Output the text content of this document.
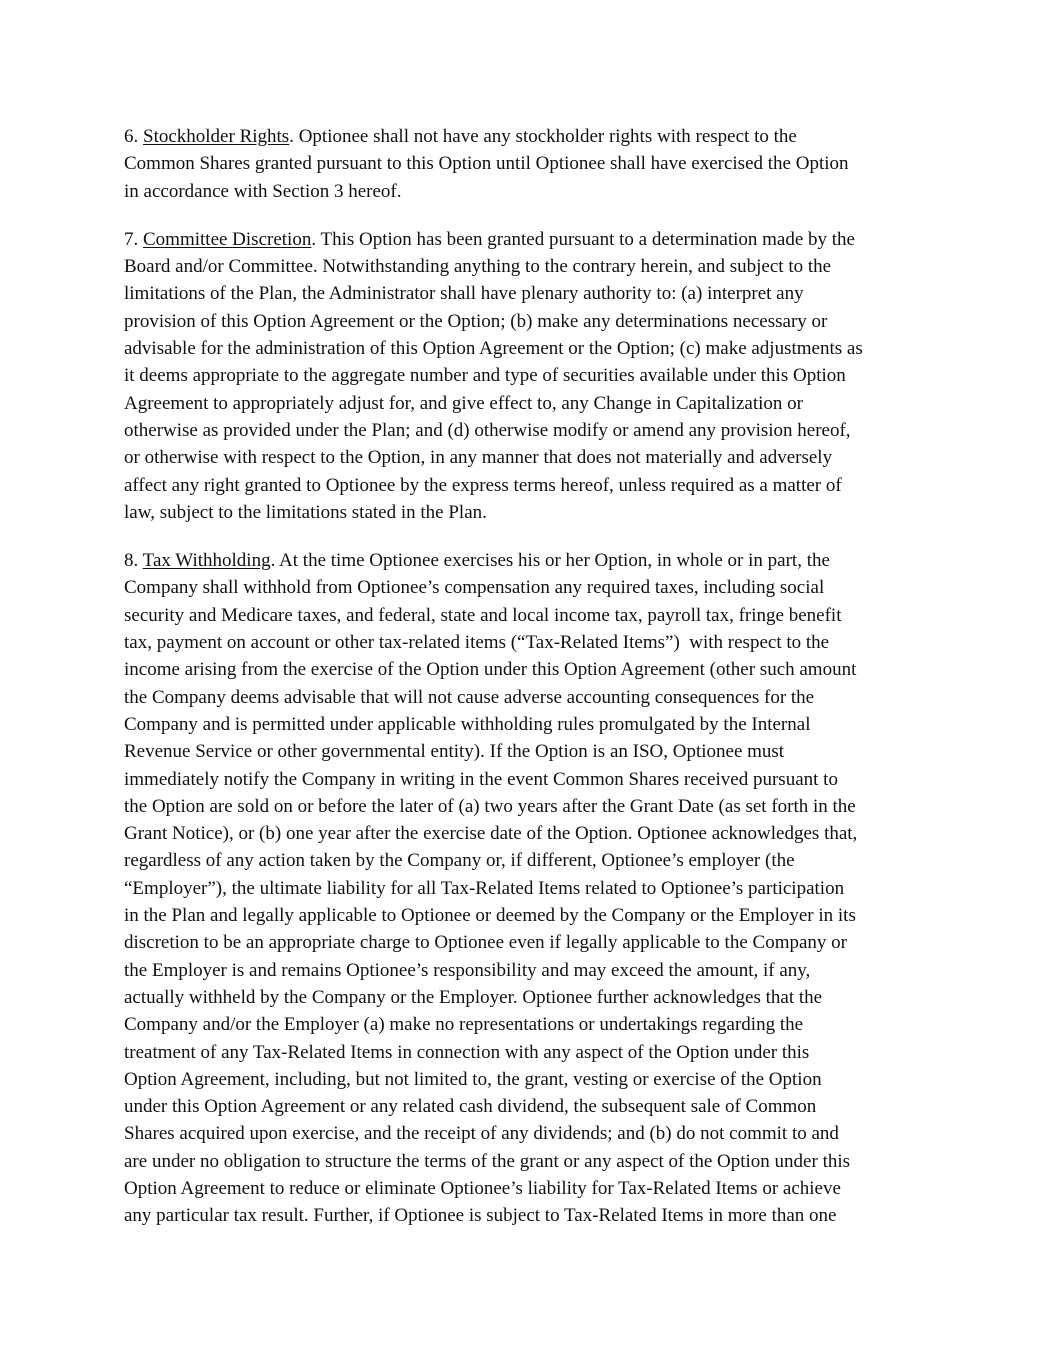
6. Stockholder Rights. Optionee shall not have any stockholder rights with respect to the
Common Shares granted pursuant to this Option until Optionee shall have exercised the Option
in accordance with Section 3 hereof.
7. Committee Discretion. This Option has been granted pursuant to a determination made by the
Board and/or Committee. Notwithstanding anything to the contrary herein, and subject to the
limitations of the Plan, the Administrator shall have plenary authority to: (a) interpret any
provision of this Option Agreement or the Option; (b) make any determinations necessary or
advisable for the administration of this Option Agreement or the Option; (c) make adjustments as
it deems appropriate to the aggregate number and type of securities available under this Option
Agreement to appropriately adjust for, and give effect to, any Change in Capitalization or
otherwise as provided under the Plan; and (d) otherwise modify or amend any provision hereof,
or otherwise with respect to the Option, in any manner that does not materially and adversely
affect any right granted to Optionee by the express terms hereof, unless required as a matter of
law, subject to the limitations stated in the Plan.
8. Tax Withholding. At the time Optionee exercises his or her Option, in whole or in part, the
Company shall withhold from Optionee’s compensation any required taxes, including social
security and Medicare taxes, and federal, state and local income tax, payroll tax, fringe benefit
tax, payment on account or other tax-related items (“Tax-Related Items”)  with respect to the
income arising from the exercise of the Option under this Option Agreement (other such amount
the Company deems advisable that will not cause adverse accounting consequences for the
Company and is permitted under applicable withholding rules promulgated by the Internal
Revenue Service or other governmental entity). If the Option is an ISO, Optionee must
immediately notify the Company in writing in the event Common Shares received pursuant to
the Option are sold on or before the later of (a) two years after the Grant Date (as set forth in the
Grant Notice), or (b) one year after the exercise date of the Option. Optionee acknowledges that,
regardless of any action taken by the Company or, if different, Optionee’s employer (the
“Employer”), the ultimate liability for all Tax-Related Items related to Optionee’s participation
in the Plan and legally applicable to Optionee or deemed by the Company or the Employer in its
discretion to be an appropriate charge to Optionee even if legally applicable to the Company or
the Employer is and remains Optionee’s responsibility and may exceed the amount, if any,
actually withheld by the Company or the Employer. Optionee further acknowledges that the
Company and/or the Employer (a) make no representations or undertakings regarding the
treatment of any Tax-Related Items in connection with any aspect of the Option under this
Option Agreement, including, but not limited to, the grant, vesting or exercise of the Option
under this Option Agreement or any related cash dividend, the subsequent sale of Common
Shares acquired upon exercise, and the receipt of any dividends; and (b) do not commit to and
are under no obligation to structure the terms of the grant or any aspect of the Option under this
Option Agreement to reduce or eliminate Optionee’s liability for Tax-Related Items or achieve
any particular tax result. Further, if Optionee is subject to Tax-Related Items in more than one
